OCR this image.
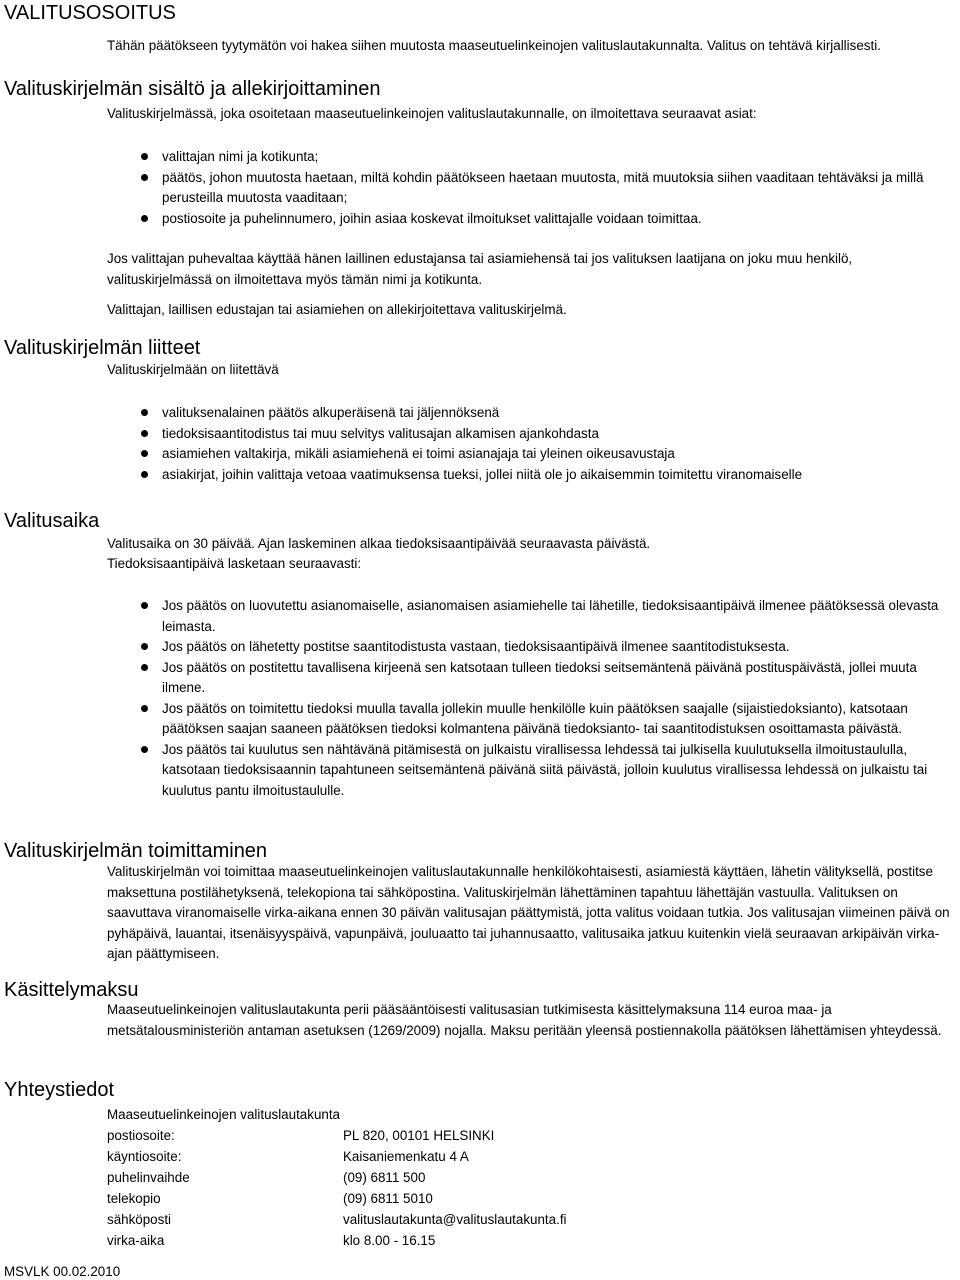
VALITUSOSOITUS
Tähän päätökseen tyytymätön voi hakea siihen muutosta maaseutuelinkeinojen valituslautakunnalta. Valitus on tehtävä kirjallisesti.
Valituskirjelmän sisältö ja allekirjoittaminen
Valituskirjelmässä, joka osoitetaan maaseutuelinkeinojen valituslautakunnalle, on ilmoitettava seuraavat asiat:
valittajan nimi ja kotikunta;
päätös, johon muutosta haetaan, miltä kohdin päätökseen haetaan muutosta, mitä muutoksia siihen vaaditaan tehtäväksi ja millä perusteilla muutosta vaaditaan;
postiosoite ja puhelinnumero, joihin asiaa koskevat ilmoitukset valittajalle voidaan toimittaa.
Jos valittajan puhevaltaa käyttää hänen laillinen edustajansa tai asiamiehensä tai jos valituksen laatijana on joku muu henkilö, valituskirjelmässä on ilmoitettava myös tämän nimi ja kotikunta.
Valittajan, laillisen edustajan tai asiamiehen on allekirjoitettava valituskirjelmä.
Valituskirjelmän liitteet
Valituskirjelmään on liitettävä
valituksenalainen päätös alkuperäisenä tai jäljennöksenä
tiedoksisaantitodistus tai muu selvitys valitusajan alkamisen ajankohdasta
asiamiehen valtakirja, mikäli asiamiehenä ei toimi asianajaja tai yleinen oikeusavustaja
asiakirjat, joihin valittaja vetoaa vaatimuksensa tueksi, jollei niitä ole jo aikaisemmin toimitettu viranomaiselle
Valitusaika
Valitusaika on 30 päivää. Ajan laskeminen alkaa tiedoksisaantipäivää seuraavasta päivästä.
Tiedoksisaantipäivä lasketaan seuraavasti:
Jos päätös on luovutettu asianomaiselle, asianomaisen asiamiehelle tai lähetille, tiedoksisaantipäivä ilmenee päätöksessä olevasta leimasta.
Jos päätös on lähetetty postitse saantitodistusta vastaan, tiedoksisaantipäivä ilmenee saantitodistuksesta.
Jos päätös on postitettu tavallisena kirjeenä sen katsotaan tulleen tiedoksi seitsemäntenä päivänä postituspäivästä, jollei muuta ilmene.
Jos päätös on toimitettu tiedoksi muulla tavalla jollekin muulle henkilölle kuin päätöksen saajalle (sijaistiedoksianto), katsotaan päätöksen saajan saaneen päätöksen tiedoksi kolmantena päivänä tiedoksianto- tai saantitodistuksen osoittamasta päivästä.
Jos päätös tai kuulutus sen nähtävänä pitämisestä on julkaistu virallisessa lehdessä tai julkisella kuulutuksella ilmoitustaululla, katsotaan tiedoksisaannin tapahtuneen seitsemäntenä päivänä siitä päivästä, jolloin kuulutus virallisessa lehdessä on julkaistu tai kuulutus pantu ilmoitustaululle.
Valituskirjelmän toimittaminen
Valituskirjelmän voi toimittaa maaseutuelinkeinojen valituslautakunnalle henkilökohtaisesti, asiamiestä käyttäen, lähetin välityksellä, postitse maksettuna postilähetyksenä, telekopiona tai sähköpostina. Valituskirjelmän lähettäminen tapahtuu lähettäjän vastuulla. Valituksen on saavuttava viranomaiselle virka-aikana ennen 30 päivän valitusajan päättymistä, jotta valitus voidaan tutkia. Jos valitusajan viimeinen päivä on pyhäpäivä, lauantai, itsenäisyyspäivä, vapunpäivä, jouluaatto tai juhannusaatto, valitusaika jatkuu kuitenkin vielä seuraavan arkipäivän virka-ajan päättymiseen.
Käsittelymaksu
Maaseutuelinkeinojen valituslautakunta perii pääsääntöisesti valitusasian tutkimisesta käsittelymaksuna 114 euroa maa- ja metsätalousministeriön antaman asetuksen (1269/2009) nojalla. Maksu peritään yleensä postiennakolla päätöksen lähettämisen yhteydessä.
Yhteystiedot
Maaseutuelinkeinojen valituslautakunta
postiosoite:	PL 820, 00101 HELSINKI
käyntiosoite:	Kaisaniemenkatu 4 A
puhelinvaihde	(09) 6811 500
telekopio	(09) 6811 5010
sähköposti	valituslautakunta@valituslautakunta.fi
virka-aika	klo 8.00 - 16.15
MSVLK 00.02.2010
